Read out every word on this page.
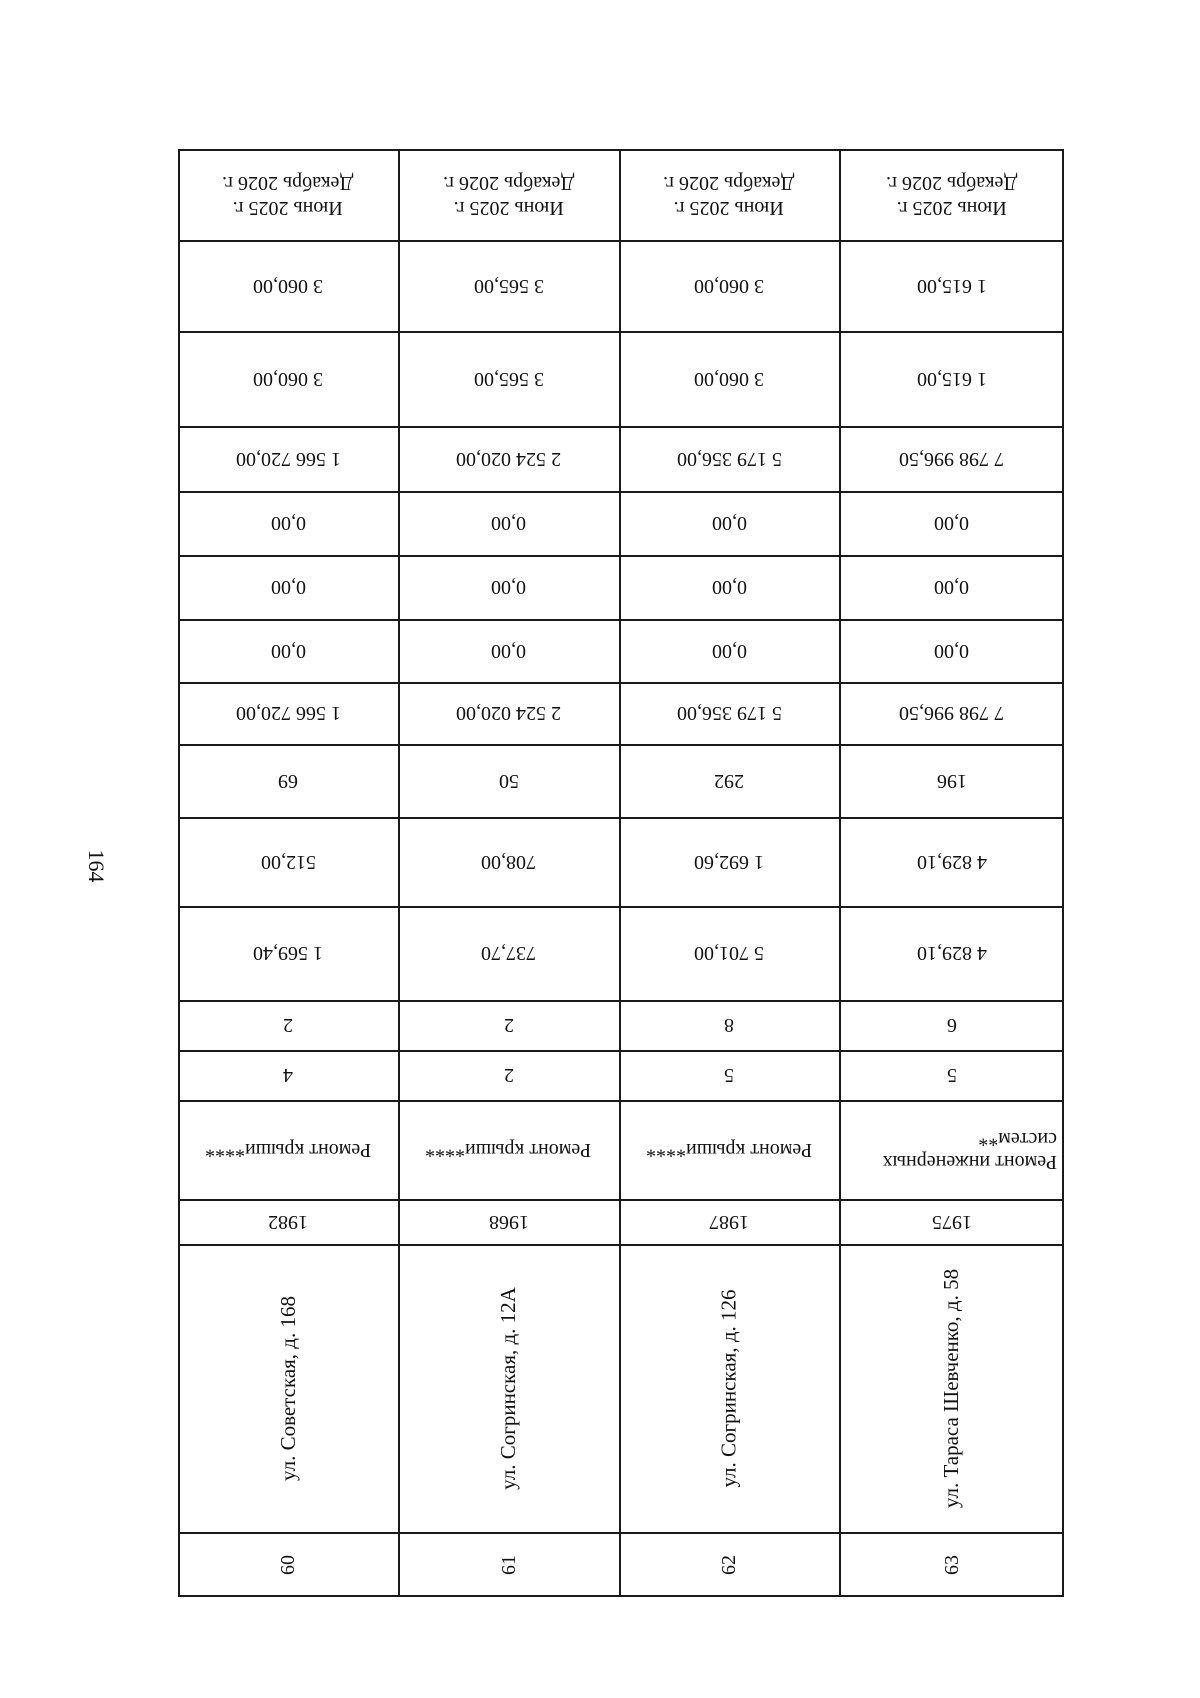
164
Июнь 2025 г.
Декабрь 2026 г.
3 060,00
3 060,00
1 566 720,00
0,00
0,00
0,00
1 566 720,00
69
512,00
1 569,40
2
4
Ремонт крыши****
1982
ул. Советская, д. 168
60
Июнь 2025 г.
Декабрь 2026 г.
3 565,00
3 565,00
2 524 020,00
0,00
0,00
0,00
2 524 020,00
50
708,00
737,70
2
2
Ремонт крыши****
1968
ул. Согринская, д. 12А
61
Июнь 2025 г.
Декабрь 2026 г.
3 060,00
3 060,00
5 179 356,00
0,00
0,00
0,00
5 179 356,00
292
1 692,60
5 701,00
8
5
Ремонт крыши****
1987
ул. Согринская, д. 126
62
Июнь 2025 г.
Декабрь 2026 г.
1 615,00
1 615,00
7 798 996,50
0,00
0,00
0,00
7 798 996,50
196
4 829,10
4 829,10
6
5
Ремонт инженерных систем**
1975
ул. Тараса Шевченко, д. 58
63
